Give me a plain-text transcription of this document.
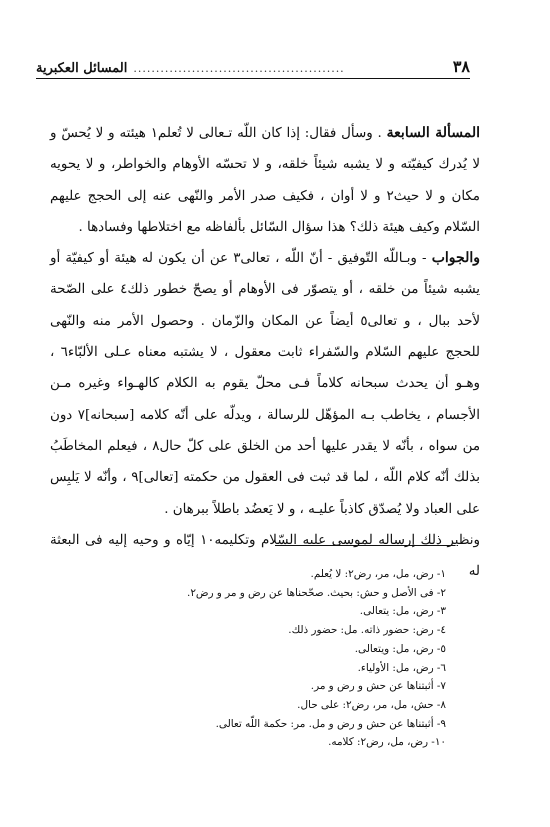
٣٨
...............................................
المسائل العكبرية

المسألة السابعة . وسأل فقال: إذا كان اللّه تـعالى لا تُعلم١ هيئته و لا يُحسّ و لا يُدرك كيفيّته و لا يشبه شيئاً خلقه، و لا تحسّه الأوهام والخواطر، و لا يحويه مكان و لا حيث٢ و لا أوان ، فكيف صدر الأمر والنّهى عنه إلى الحجج عليهم السّلام وكيف هيئة ذلك؟ هذا سؤال السّائل بألفاظه مع اختلاطها وفسادها .

والجواب - وبـاللّه التّوفيق - أنّ اللّه ، تعالى٣ عن أن يكون له هيئة أو كيفيّة أو يشبه شيئاً من خلقه ، أو يتصوّر فى الأوهام أو يصحّ خطور ذلك٤ على الصّحة لأحد ببال ، و تعالى٥ أيضاً عن المكان والزّمان . وحصول الأمر منه والنّهى للحجج عليهم السّلام والسّفراء ثابت معقول ، لا يشتبه معناه عـلى الألبّاء٦ ، وهـو أن يحدث سبحانه كلاماً فـى محلّ يقوم به الكلام كالهـواء وغيره مـن الأجسام ، يخاطب بـه المؤهّل للرسالة ، ويدلّه على أنّه كلامه [سبحانه]٧ دون من سواه ، بأنّه لا يقدر عليها أحد من الخلق على كلّ حال٨ ، فيعلم المخاطَبُ بذلك أنّه كلام اللّه ، لما قد ثبت فى العقول من حكمته [تعالى]٩ ، وأنّه لا يَلبِس على العباد ولا يُصدّق كاذباً عليـه ، و لا يَعضُد باطلاً ببرهان .

ونظير ذلك إرساله لموسى عليه السّلام وتكليمه١٠ إيّاه و وحيه إليه فى البعثة له

١- رض، مل، مر، رض٢: لا يُعلم.
٢- فى الأصل و حش: بحيث. صحّحناها عن رض و مر و رض٢.
٣- رض، مل: يتعالى.
٤- رض: حضور ذاته. مل: حضور ذلك.
٥- رض، مل: ويتعالى.
٦- رض، مل: الأولياء.
٧- أثبتناها عن حش و رض و مر.
٨- حش، مل، مر، رض٢: على حال.
٩- أثبتناها عن حش و رض و مل. مر: حكمة اللّه تعالى.
١٠- رض، مل، رض٢: كلامه.
